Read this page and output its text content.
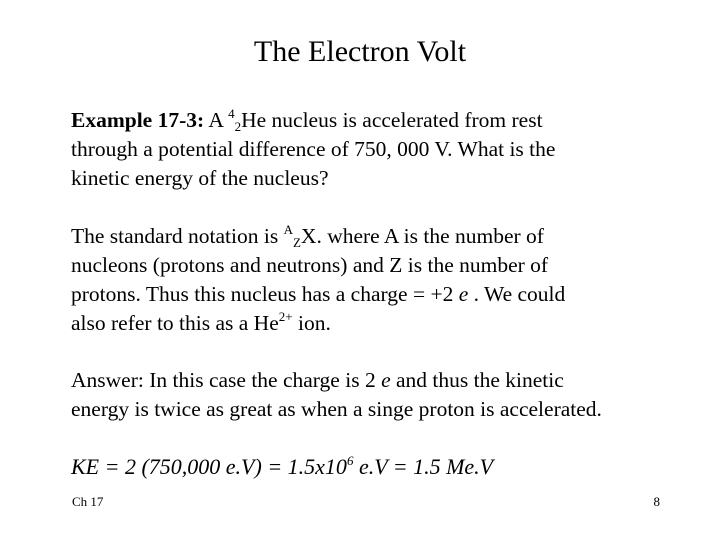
The Electron Volt
Example 17-3: A $^4_2$He nucleus is accelerated from rest
through a potential difference of 750, 000 V. What is the
kinetic energy of the nucleus?
The standard notation is $^A_Z$X. where A is the number of
nucleons (protons and neutrons) and Z is the number of
protons. Thus this nucleus has a charge = +2 e . We could
also refer to this as a $He^{2+}$ ion.
Answer: In this case the charge is 2 e and thus the kinetic
energy is twice as great as when a singe proton is accelerated.
KE = 2 (750,000 $e.V) = 1.5x10^6$ e.V = 1.5 Me.V
Ch 17	8
